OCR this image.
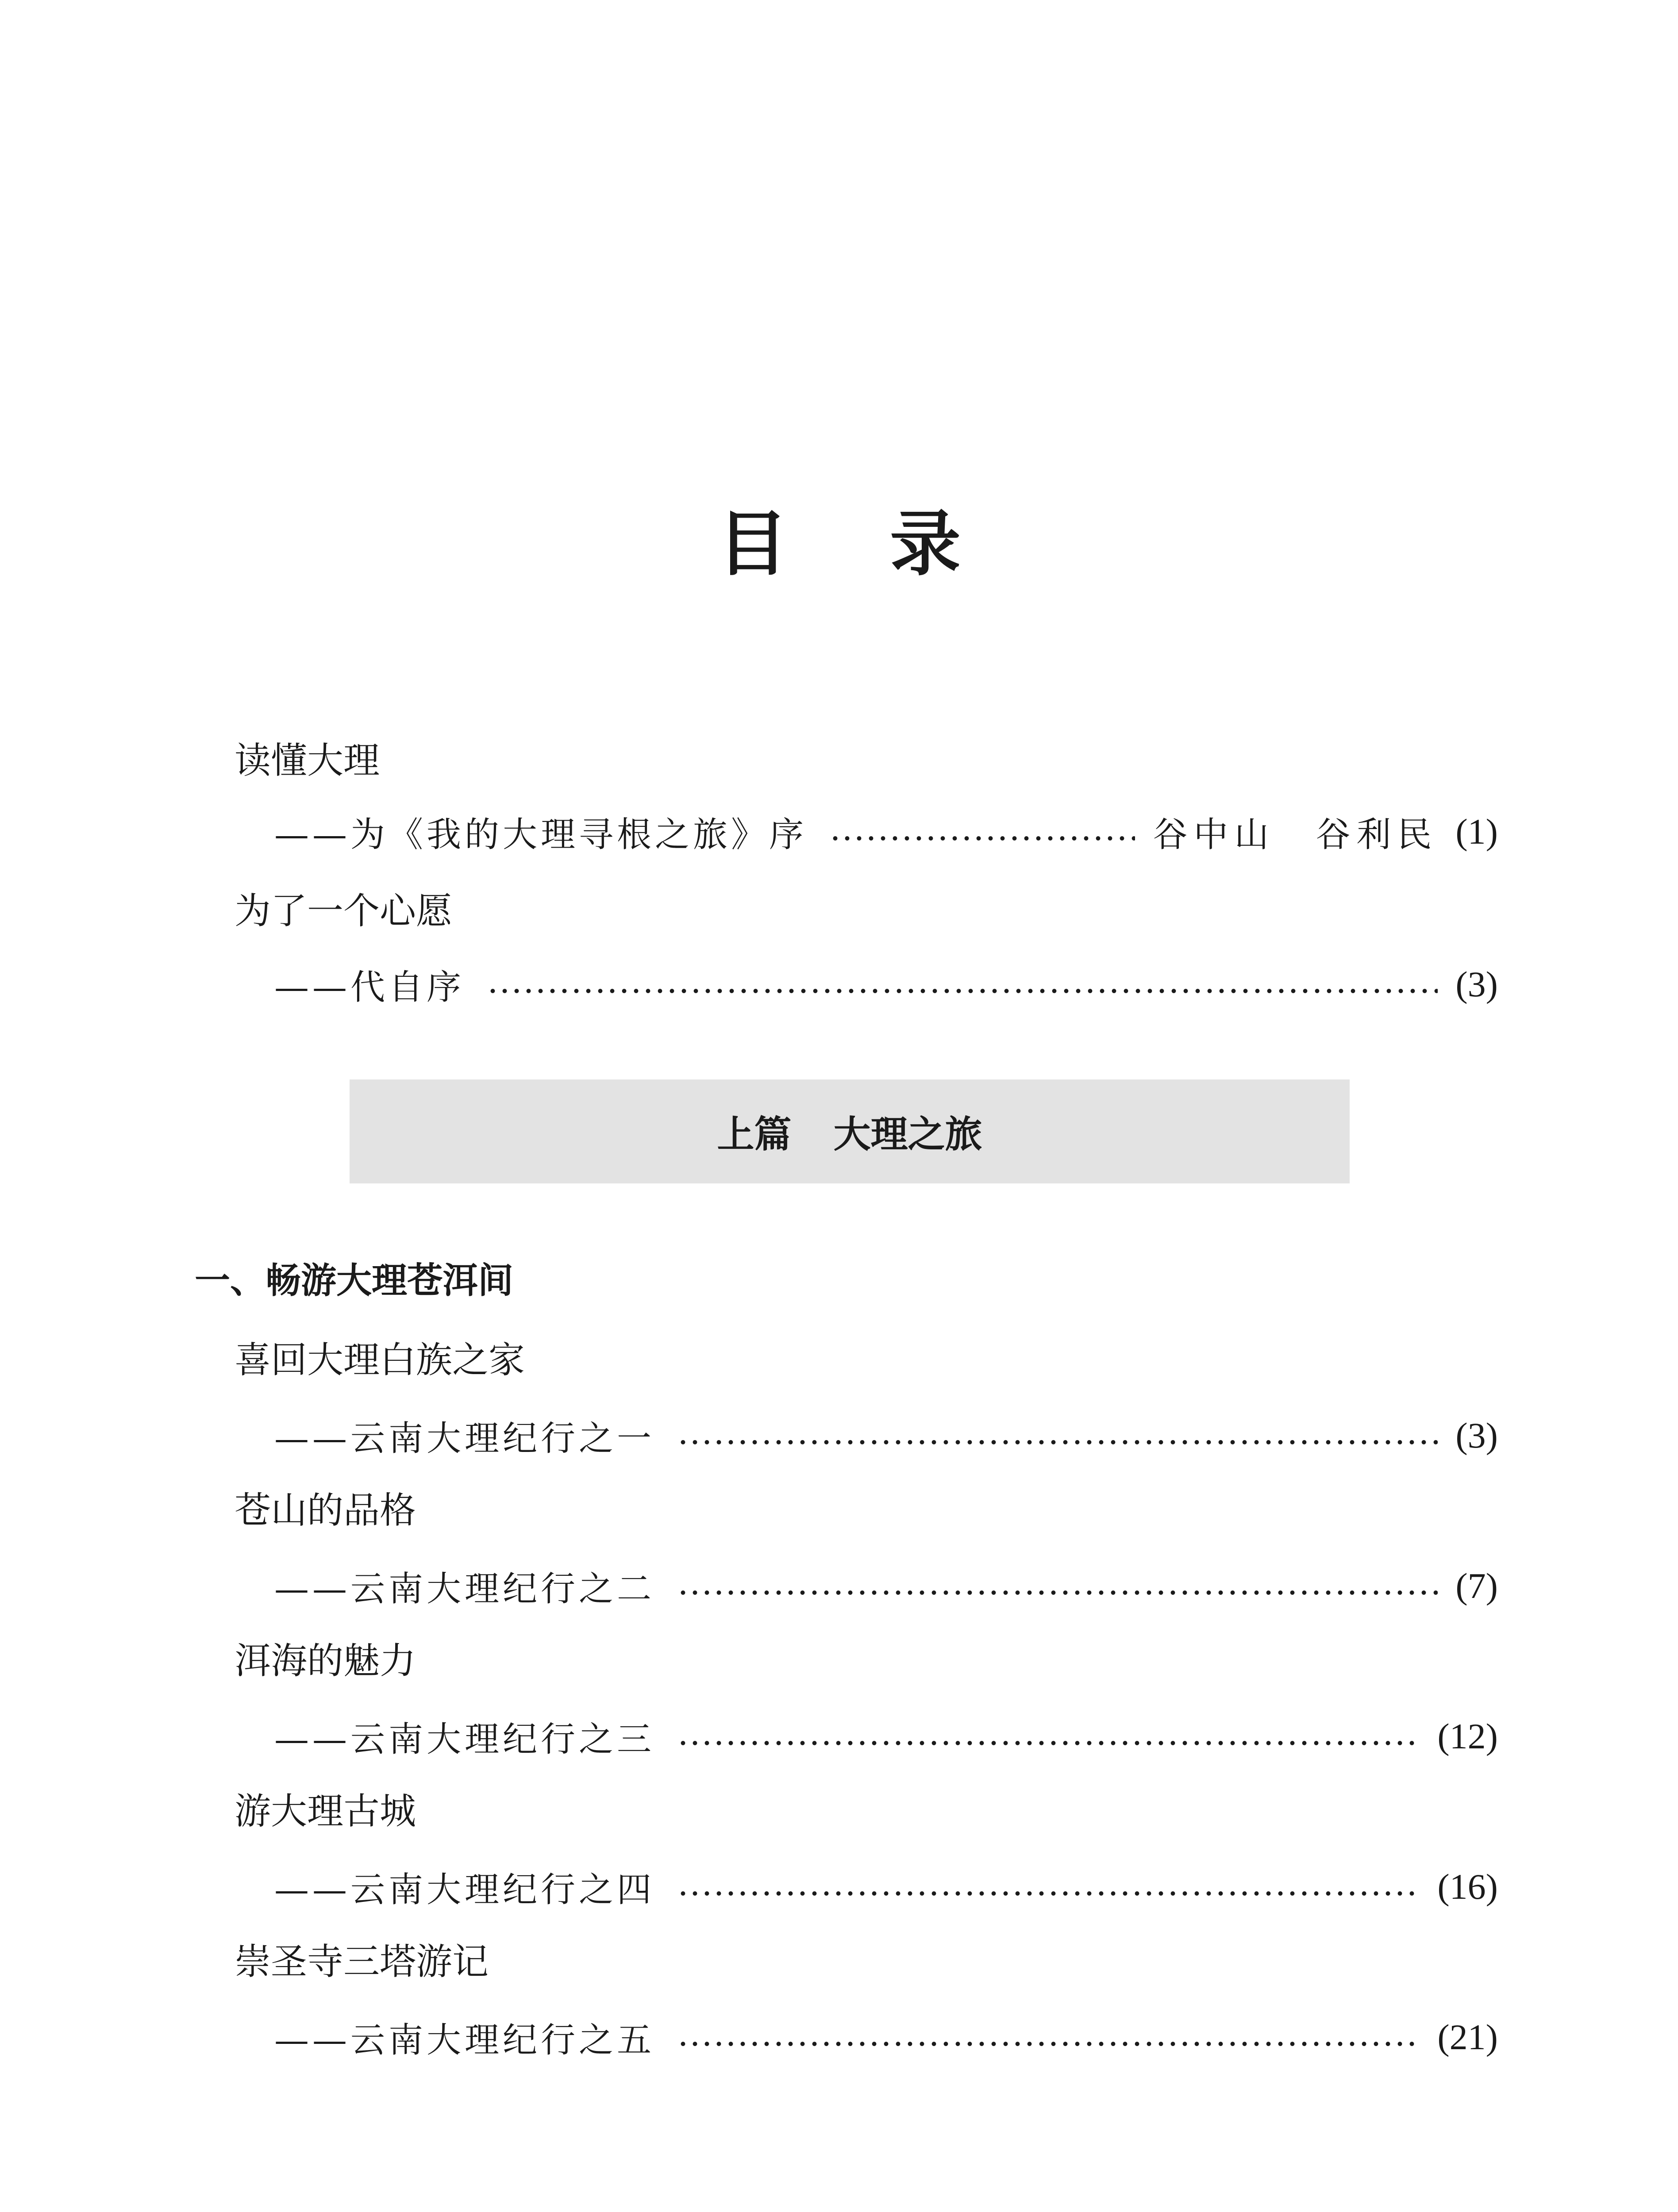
目 录
读懂大理
——为《我的大理寻根之旅》序	谷中山　谷利民 (1)
为了一个心愿
——代自序	(3)
上篇 大理之旅
一、畅游大理苍洱间
喜回大理白族之家
——云南大理纪行之一	(3)
苍山的品格
——云南大理纪行之二	(7)
洱海的魅力
——云南大理纪行之三	(12)
游大理古城
——云南大理纪行之四	(16)
崇圣寺三塔游记
——云南大理纪行之五	(21)
